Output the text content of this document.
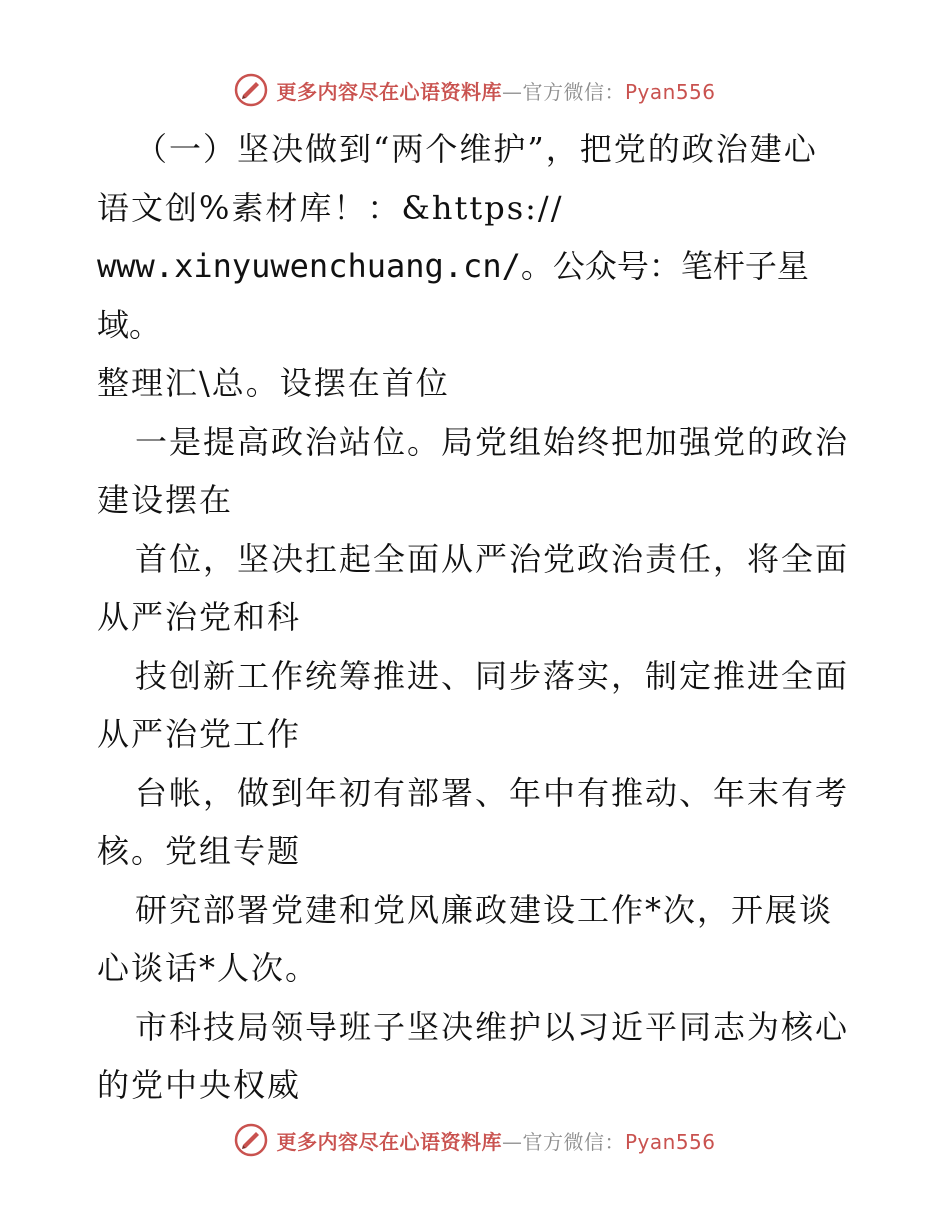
更多内容尽在心语资料库—官方微信：Pyan556

（一）坚决做到“两个维护”，把党的政治建心
语文创%素材库！：&https://
www.xinyuwenchuang.cn/。公众号：笔杆子星域。
整理汇\总。设摆在首位

一是提高政治站位。局党组始终把加强党的政治
建设摆在

首位，坚决扛起全面从严治党政治责任，将全面
从严治党和科

技创新工作统筹推进、同步落实，制定推进全面
从严治党工作

台帐，做到年初有部署、年中有推动、年末有考
核。党组专题

研究部署党建和党风廉政建设工作*次，开展谈
心谈话*人次。

市科技局领导班子坚决维护以习近平同志为核心
的党中央权威

更多内容尽在心语资料库—官方微信：Pyan556
